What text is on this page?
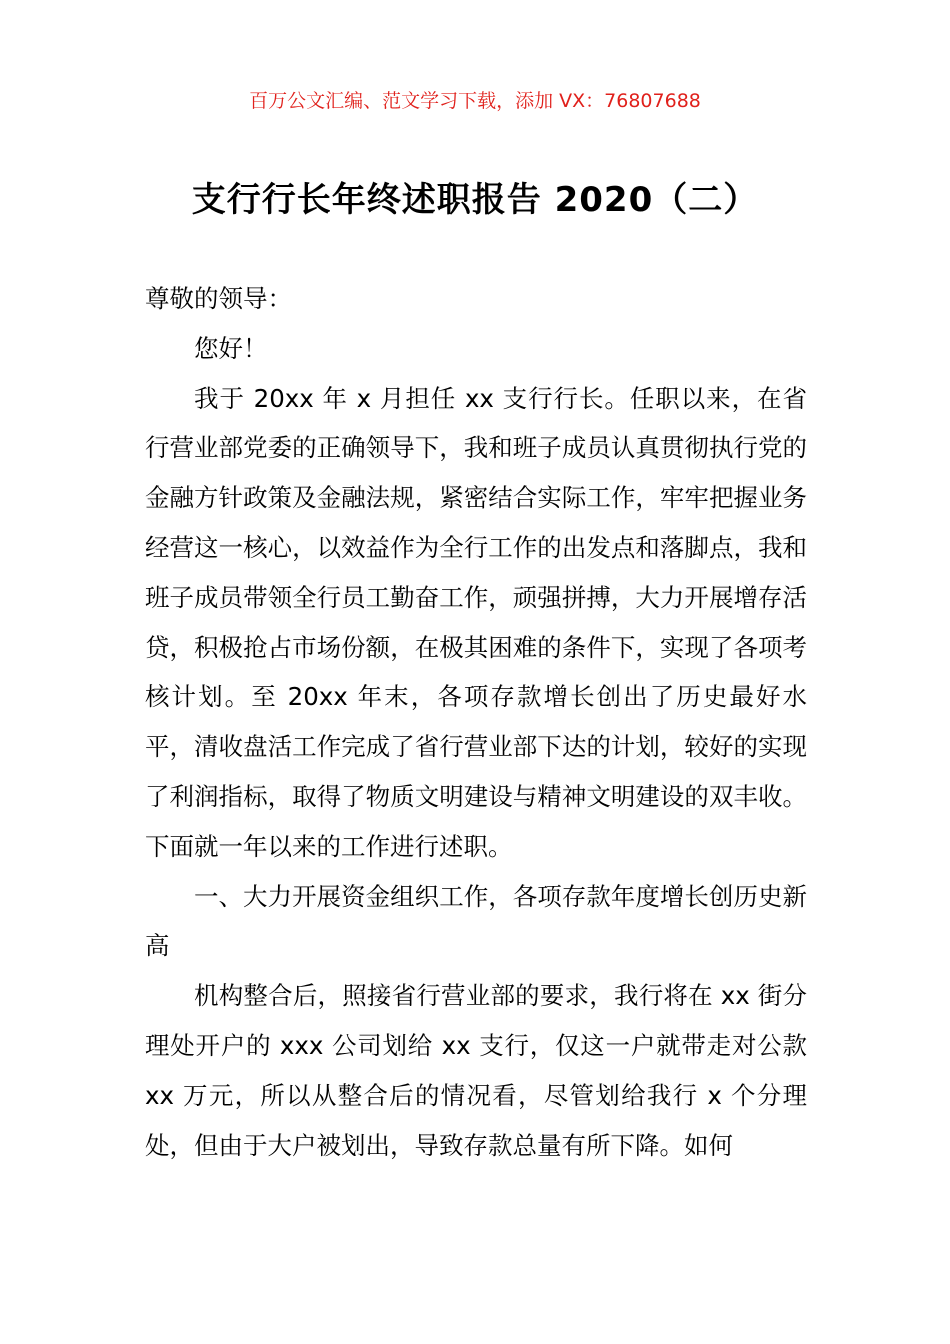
百万公文汇编、范文学习下载，添加 VX：76807688
支行行长年终述职报告 2020（二）

尊敬的领导：

您好！

我于 20xx 年 x 月担任 xx 支行行长。任职以来，在省行营业部党委的正确领导下，我和班子成员认真贯彻执行党的金融方针政策及金融法规，紧密结合实际工作，牢牢把握业务经营这一核心，以效益作为全行工作的出发点和落脚点，我和班子成员带领全行员工勤奋工作，顽强拼搏，大力开展增存活贷，积极抢占市场份额，在极其困难的条件下，实现了各项考核计划。至 20xx 年末，各项存款增长创出了历史最好水平，清收盘活工作完成了省行营业部下达的计划，较好的实现了利润指标，取得了物质文明建设与精神文明建设的双丰收。下面就一年以来的工作进行述职。

一、大力开展资金组织工作，各项存款年度增长创历史新高

机构整合后，照接省行营业部的要求，我行将在 xx 街分理处开户的 xxx 公司划给 xx 支行，仅这一户就带走对公款 xx 万元，所以从整合后的情况看，尽管划给我行 x 个分理处，但由于大户被划出，导致存款总量有所下降。如何
